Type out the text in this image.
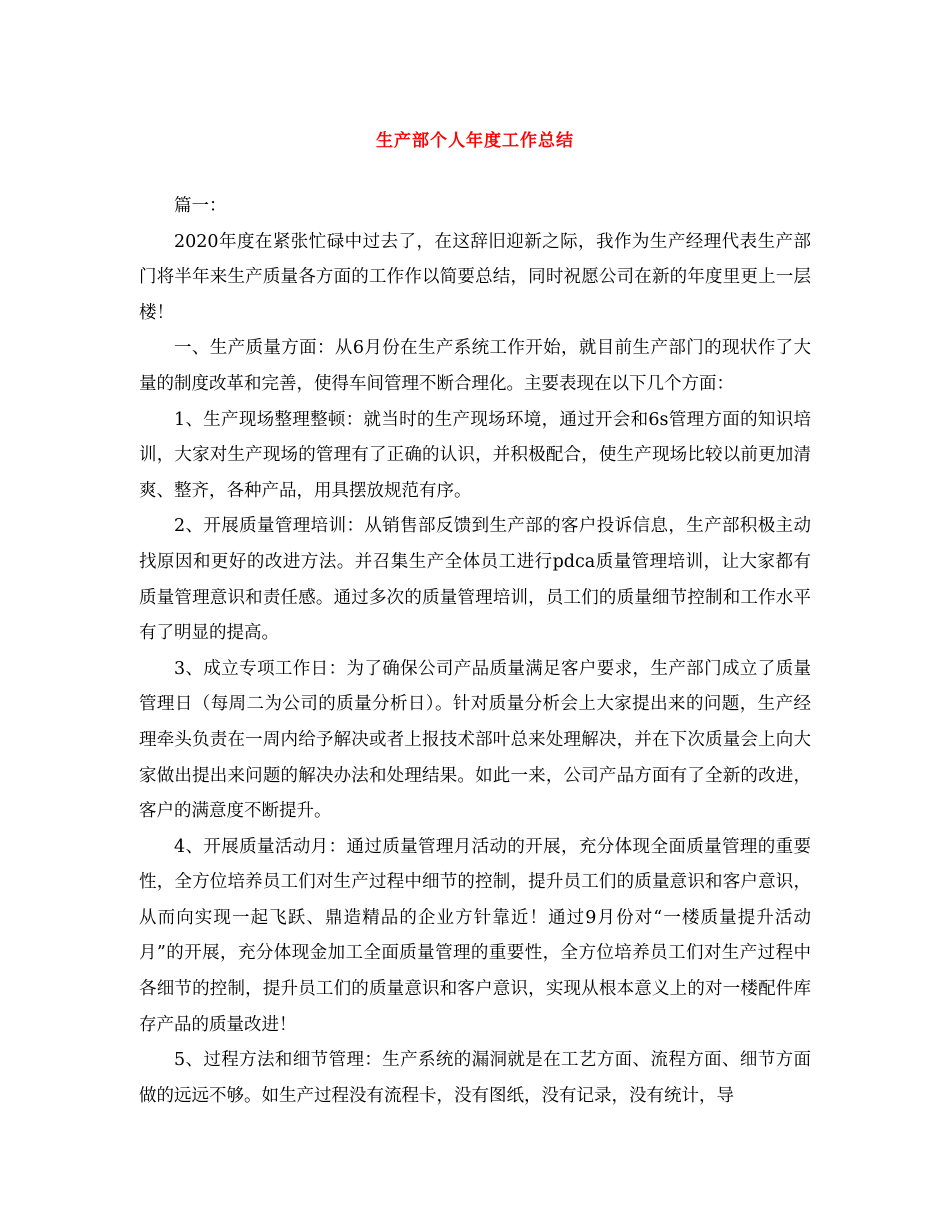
生产部个人年度工作总结

篇一：

2020年度在紧张忙碌中过去了，在这辞旧迎新之际，我作为生产经理代表生产部门将半年来生产质量各方面的工作作以简要总结，同时祝愿公司在新的年度里更上一层楼！

一、生产质量方面：从6月份在生产系统工作开始，就目前生产部门的现状作了大量的制度改革和完善，使得车间管理不断合理化。主要表现在以下几个方面：

1、生产现场整理整顿：就当时的生产现场环境，通过开会和6s管理方面的知识培训，大家对生产现场的管理有了正确的认识，并积极配合，使生产现场比较以前更加清爽、整齐，各种产品，用具摆放规范有序。

2、开展质量管理培训：从销售部反馈到生产部的客户投诉信息，生产部积极主动找原因和更好的改进方法。并召集生产全体员工进行pdca质量管理培训，让大家都有质量管理意识和责任感。通过多次的质量管理培训，员工们的质量细节控制和工作水平有了明显的提高。

3、成立专项工作日：为了确保公司产品质量满足客户要求，生产部门成立了质量管理日（每周二为公司的质量分析日）。针对质量分析会上大家提出来的问题，生产经理牵头负责在一周内给予解决或者上报技术部叶总来处理解决，并在下次质量会上向大家做出提出来问题的解决办法和处理结果。如此一来，公司产品方面有了全新的改进，客户的满意度不断提升。

4、开展质量活动月：通过质量管理月活动的开展，充分体现全面质量管理的重要性，全方位培养员工们对生产过程中细节的控制，提升员工们的质量意识和客户意识，从而向实现一起飞跃、鼎造精品的企业方针靠近！通过9月份对“一楼质量提升活动月”的开展，充分体现金加工全面质量管理的重要性，全方位培养员工们对生产过程中各细节的控制，提升员工们的质量意识和客户意识，实现从根本意义上的对一楼配件库存产品的质量改进！

5、过程方法和细节管理：生产系统的漏洞就是在工艺方面、流程方面、细节方面做的远远不够。如生产过程没有流程卡，没有图纸，没有记录，没有统计，导
